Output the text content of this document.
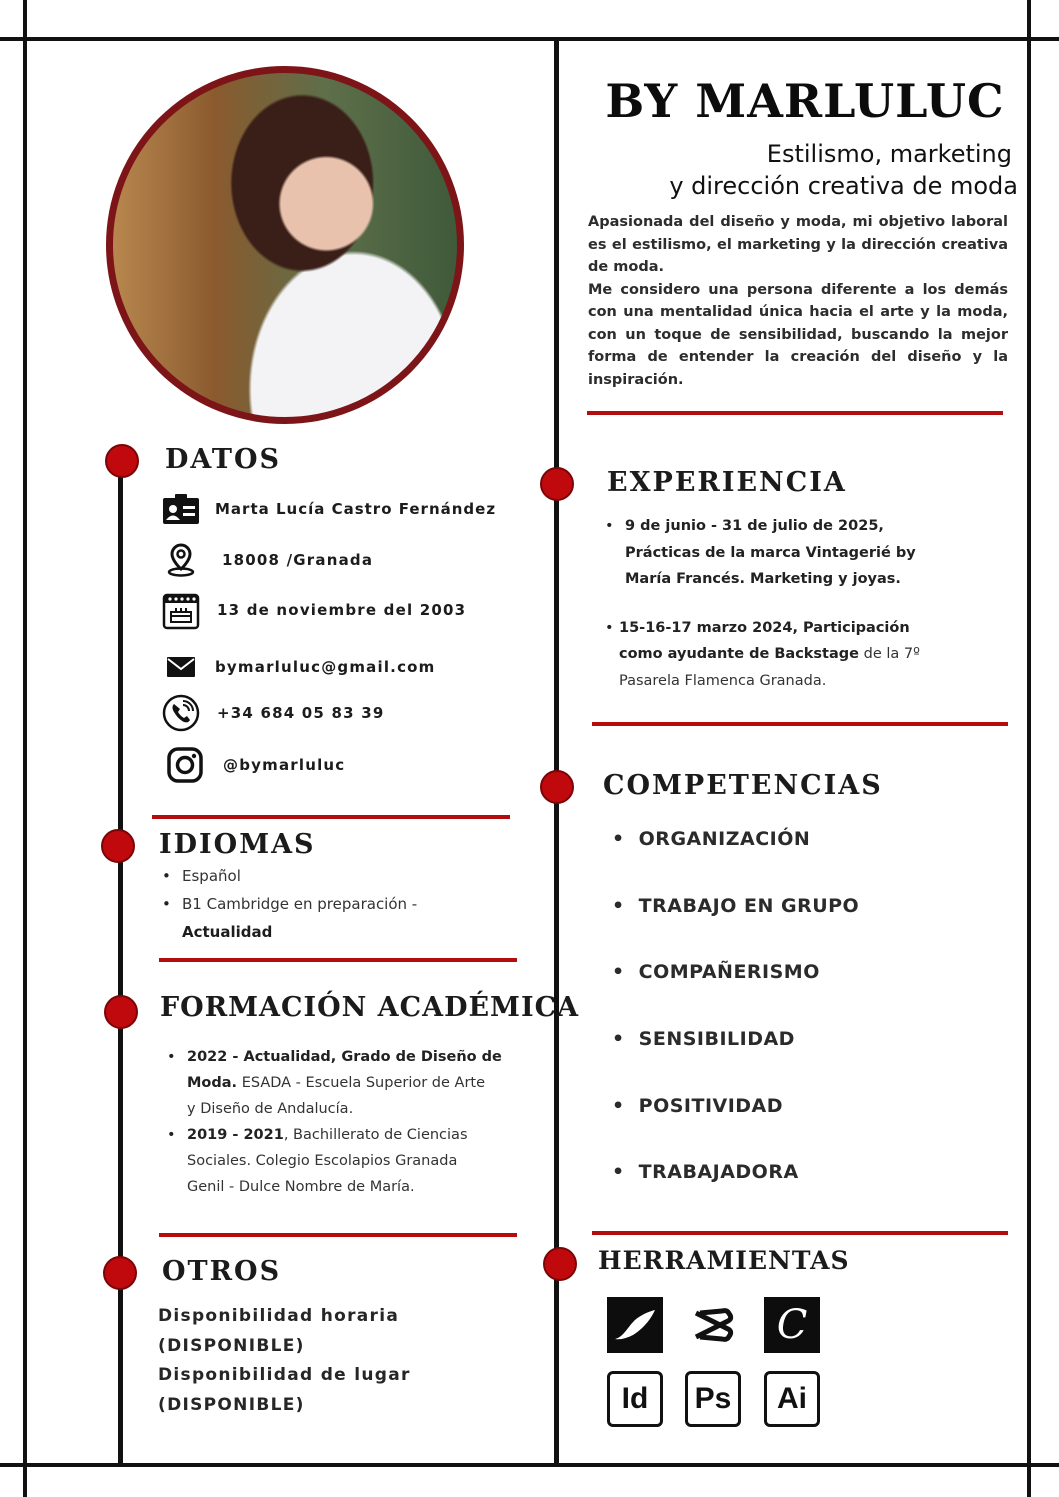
BY MARLULUC
Estilismo, marketing
y dirección creativa de moda
Apasionada del diseño y moda, mi objetivo laboral es el estilismo, el marketing y la dirección creativa de moda.
Me considero una persona diferente a los demás con una mentalidad única hacia el arte y la moda, con un toque de sensibilidad, buscando la mejor forma de entender la creación del diseño y la inspiración.
DATOS
Marta Lucía Castro Fernández
18008 /Granada
13 de noviembre del 2003
bymarluluc@gmail.com
+34 684 05 83 39
@bymarluluc
IDIOMAS
• Español
• B1 Cambridge en preparación -
Actualidad
FORMACIÓN ACADÉMICA
• 2022 - Actualidad, Grado de Diseño de
Moda. ESADA - Escuela Superior de Arte
y Diseño de Andalucía.
• 2019 - 2021, Bachillerato de Ciencias
Sociales. Colegio Escolapios Granada
Genil - Dulce Nombre de María.
OTROS
Disponibilidad horaria
(DISPONIBLE)
Disponibilidad de lugar
(DISPONIBLE)
EXPERIENCIA
• 9 de junio - 31 de julio de 2025,
Prácticas de la marca Vintagerié by
María Francés. Marketing y joyas.
• 15-16-17 marzo 2024, Participación
como ayudante de Backstage de la 7º
Pasarela Flamenca Granada.
COMPETENCIAS
• ORGANIZACIÓN
• TRABAJO EN GRUPO
• COMPAÑERISMO
• SENSIBILIDAD
• POSITIVIDAD
• TRABAJADORA
HERRAMIENTAS
C
Id Ps Ai
